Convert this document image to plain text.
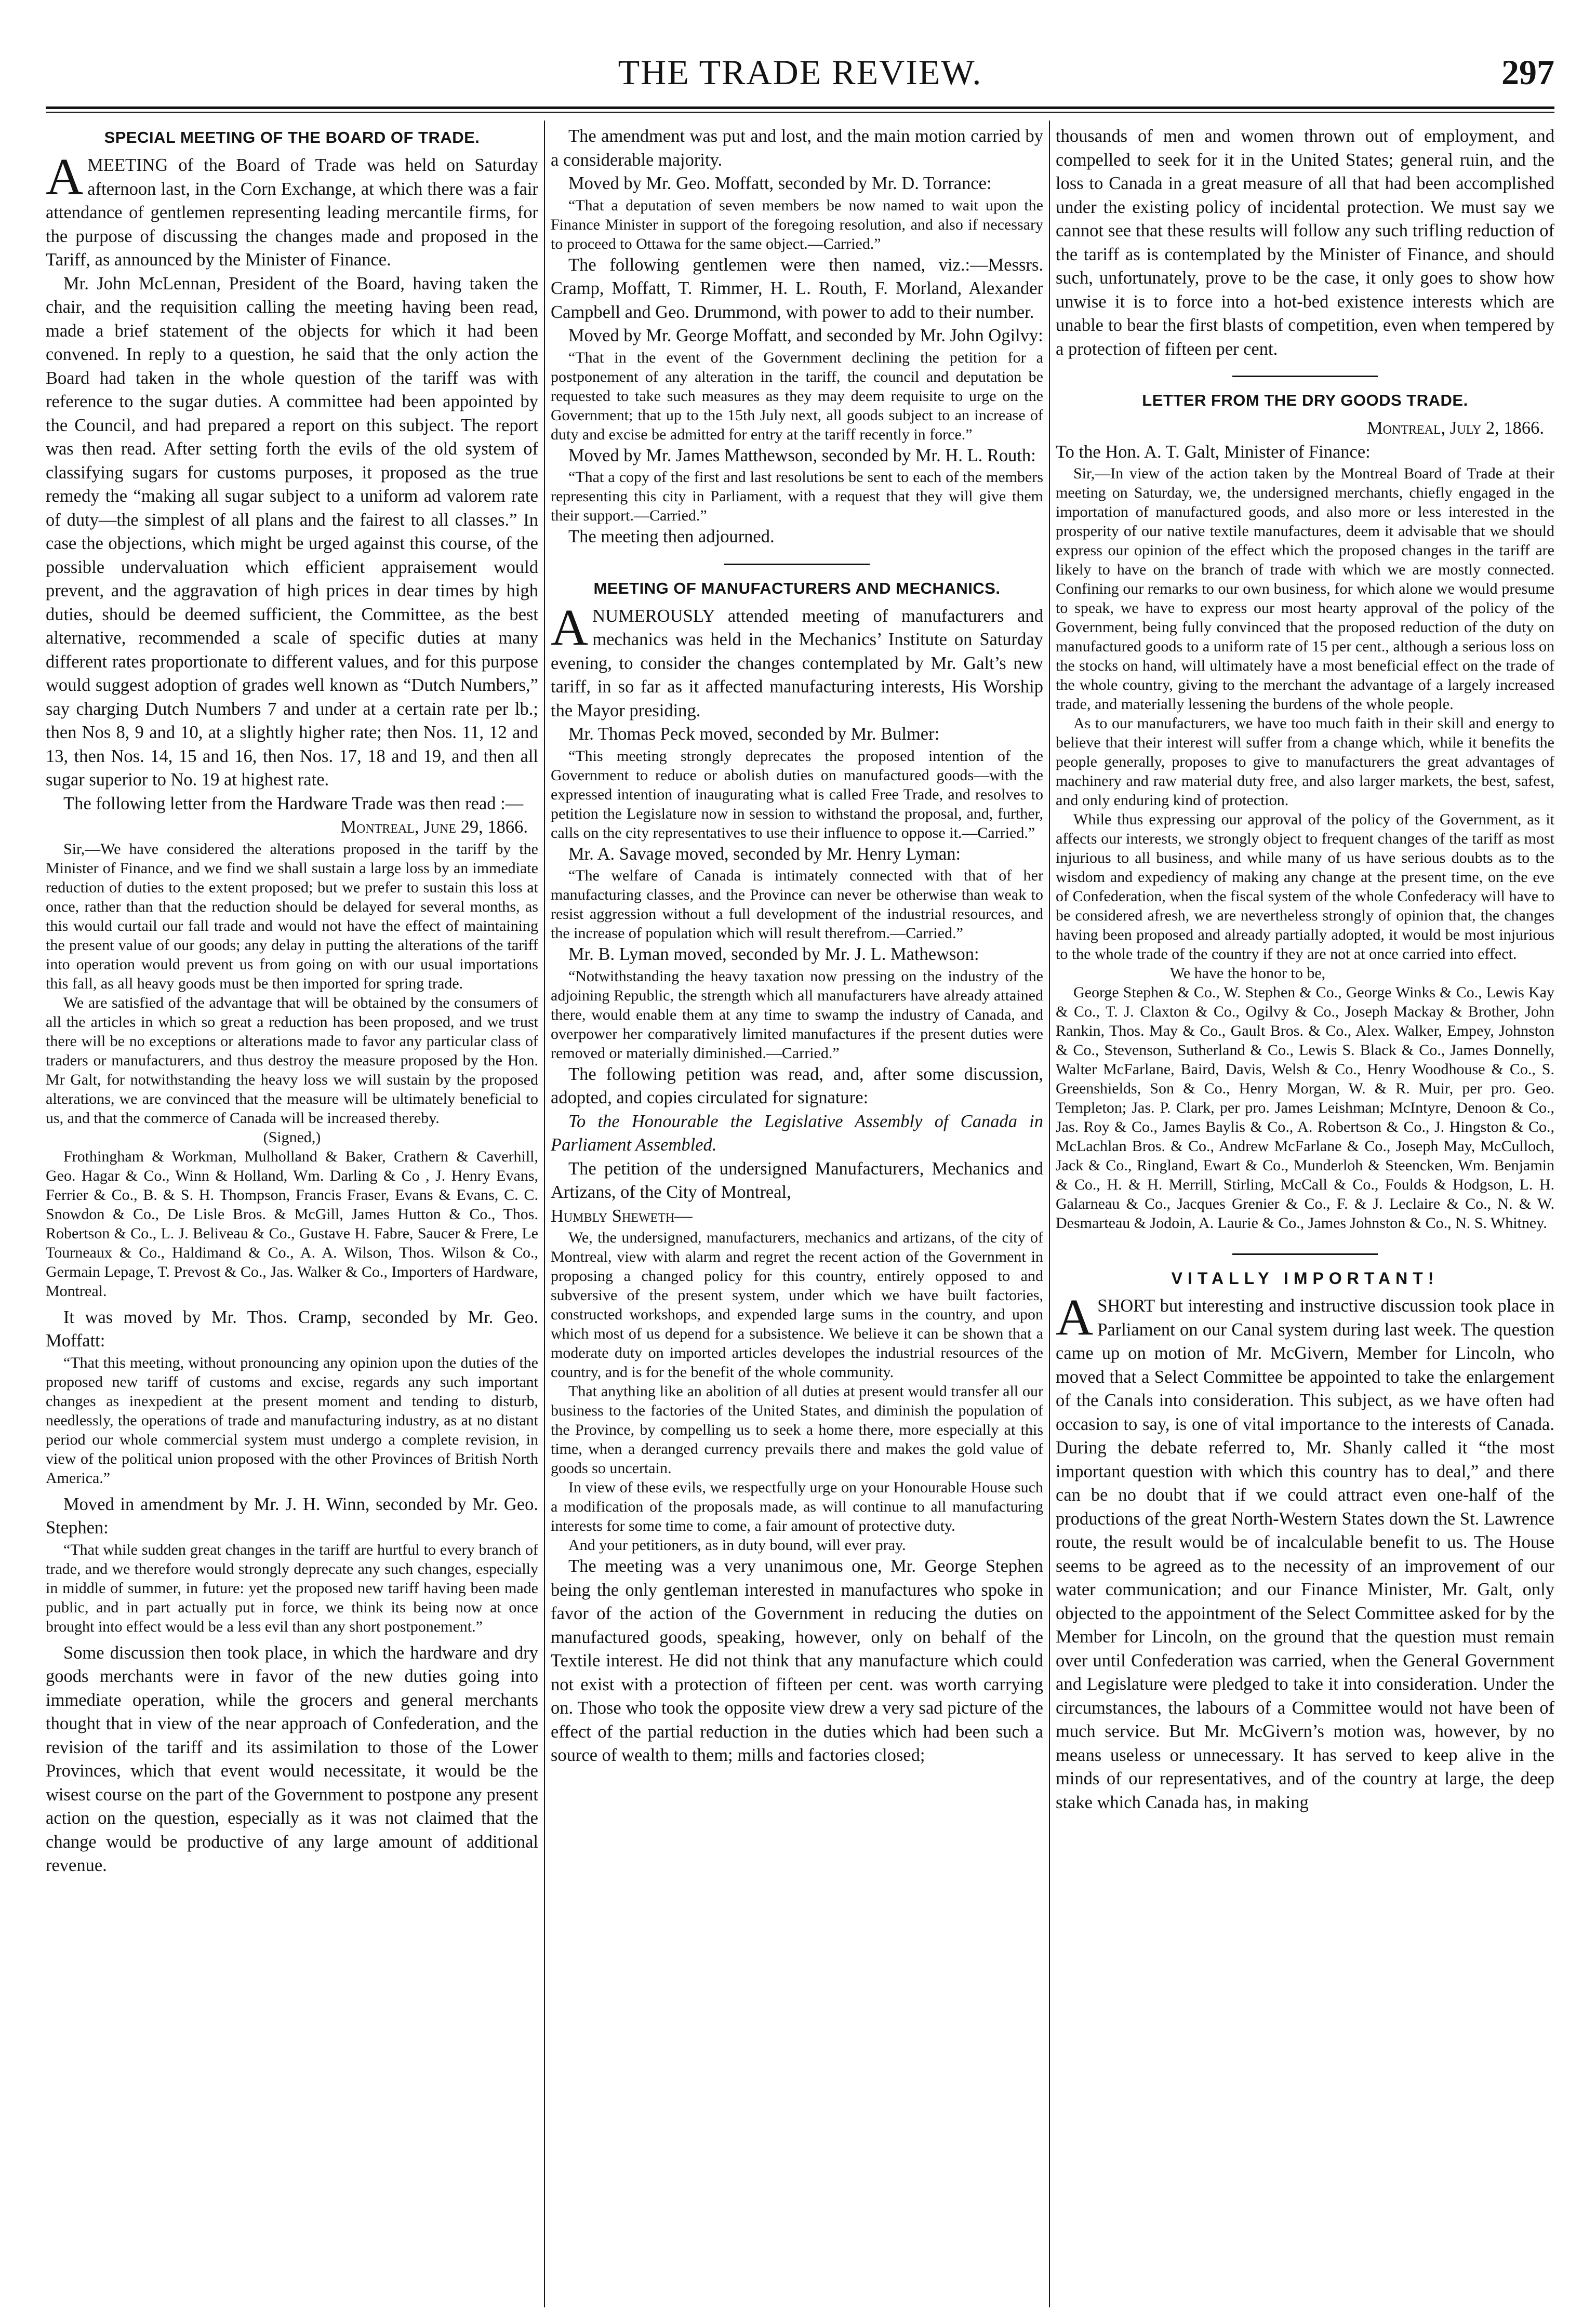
THE TRADE REVIEW.	297
SPECIAL MEETING OF THE BOARD OF TRADE.

AMEETING of the Board of Trade was held on Saturday afternoon last, in the Corn Exchange, at which there was a fair attendance of gentlemen representing leading mercantile firms, for the purpose of discussing the changes made and proposed in the Tariff, as announced by the Minister of Finance.

Mr. John McLennan, President of the Board, having taken the chair, and the requisition calling the meeting having been read, made a brief statement of the objects for which it had been convened. In reply to a question, he said that the only action the Board had taken in the whole question of the tariff was with reference to the sugar duties. A committee had been appointed by the Council, and had prepared a report on this subject. The report was then read. After setting forth the evils of the old system of classifying sugars for customs purposes, it proposed as the true remedy the “making all sugar subject to a uniform ad valorem rate of duty—the simplest of all plans and the fairest to all classes.” In case the objections, which might be urged against this course, of the possible undervaluation which efficient appraisement would prevent, and the aggravation of high prices in dear times by high duties, should be deemed sufficient, the Committee, as the best alternative, recommended a scale of specific duties at many different rates proportionate to different values, and for this purpose would suggest adoption of grades well known as “Dutch Numbers,” say charging Dutch Numbers 7 and under at a certain rate per lb.; then Nos 8, 9 and 10, at a slightly higher rate; then Nos. 11, 12 and 13, then Nos. 14, 15 and 16, then Nos. 17, 18 and 19, and then all sugar superior to No. 19 at highest rate.

The following letter from the Hardware Trade was then read :—

Montreal, June 29, 1866.

Sir,—We have considered the alterations proposed in the tariff by the Minister of Finance, and we find we shall sustain a large loss by an immediate reduction of duties to the extent proposed; but we prefer to sustain this loss at once, rather than that the reduction should be delayed for several months, as this would curtail our fall trade and would not have the effect of maintaining the present value of our goods; any delay in putting the alterations of the tariff into operation would prevent us from going on with our usual importations this fall, as all heavy goods must be then imported for spring trade.

We are satisfied of the advantage that will be obtained by the consumers of all the articles in which so great a reduction has been proposed, and we trust there will be no exceptions or alterations made to favor any particular class of traders or manufacturers, and thus destroy the measure proposed by the Hon. Mr Galt, for notwithstanding the heavy loss we will sustain by the proposed alterations, we are convinced that the measure will be ultimately beneficial to us, and that the commerce of Canada will be increased thereby.

(Signed,)

Frothingham & Workman, Mulholland & Baker, Crathern & Caverhill, Geo. Hagar & Co., Winn & Holland, Wm. Darling & Co , J. Henry Evans, Ferrier & Co., B. & S. H. Thompson, Francis Fraser, Evans & Evans, C. C. Snowdon & Co., De Lisle Bros. & McGill, James Hutton & Co., Thos. Robertson & Co., L. J. Beliveau & Co., Gustave H. Fabre, Saucer & Frere, Le Tourneaux & Co., Haldimand & Co., A. A. Wilson, Thos. Wilson & Co., Germain Lepage, T. Prevost & Co., Jas. Walker & Co., Importers of Hardware, Montreal.

It was moved by Mr. Thos. Cramp, seconded by Mr. Geo. Moffatt:

“That this meeting, without pronouncing any opinion upon the duties of the proposed new tariff of customs and excise, regards any such important changes as inexpedient at the present moment and tending to disturb, needlessly, the operations of trade and manufacturing industry, as at no distant period our whole commercial system must undergo a complete revision, in view of the political union proposed with the other Provinces of British North America.”

Moved in amendment by Mr. J. H. Winn, seconded by Mr. Geo. Stephen:

“That while sudden great changes in the tariff are hurtful to every branch of trade, and we therefore would strongly deprecate any such changes, especially in middle of summer, in future: yet the proposed new tariff having been made public, and in part actually put in force, we think its being now at once brought into effect would be a less evil than any short postponement.”

Some discussion then took place, in which the hardware and dry goods merchants were in favor of the new duties going into immediate operation, while the grocers and general merchants thought that in view of the near approach of Confederation, and the revision of the tariff and its assimilation to those of the Lower Provinces, which that event would necessitate, it would be the wisest course on the part of the Government to postpone any present action on the question, especially as it was not claimed that the change would be productive of any large amount of additional revenue.

The amendment was put and lost, and the main motion carried by a considerable majority.

Moved by Mr. Geo. Moffatt, seconded by Mr. D. Torrance:

“That a deputation of seven members be now named to wait upon the Finance Minister in support of the foregoing resolution, and also if necessary to proceed to Ottawa for the same object.—Carried.”

The following gentlemen were then named, viz.:—Messrs. Cramp, Moffatt, T. Rimmer, H. L. Routh, F. Morland, Alexander Campbell and Geo. Drummond, with power to add to their number.

Moved by Mr. George Moffatt, and seconded by Mr. John Ogilvy:

“That in the event of the Government declining the petition for a postponement of any alteration in the tariff, the council and deputation be requested to take such measures as they may deem requisite to urge on the Government; that up to the 15th July next, all goods subject to an increase of duty and excise be admitted for entry at the tariff recently in force.”

Moved by Mr. James Matthewson, seconded by Mr. H. L. Routh:

“That a copy of the first and last resolutions be sent to each of the members representing this city in Parliament, with a request that they will give them their support.—Carried.”

The meeting then adjourned.

MEETING OF MANUFACTURERS AND MECHANICS.

ANUMEROUSLY attended meeting of manufacturers and mechanics was held in the Mechanics’ Institute on Saturday evening, to consider the changes contemplated by Mr. Galt’s new tariff, in so far as it affected manufacturing interests, His Worship the Mayor presiding.

Mr. Thomas Peck moved, seconded by Mr. Bulmer:

“This meeting strongly deprecates the proposed intention of the Government to reduce or abolish duties on manufactured goods—with the expressed intention of inaugurating what is called Free Trade, and resolves to petition the Legislature now in session to withstand the proposal, and, further, calls on the city representatives to use their influence to oppose it.—Carried.”

Mr. A. Savage moved, seconded by Mr. Henry Lyman:

“The welfare of Canada is intimately connected with that of her manufacturing classes, and the Province can never be otherwise than weak to resist aggression without a full development of the industrial resources, and the increase of population which will result therefrom.—Carried.”

Mr. B. Lyman moved, seconded by Mr. J. L. Mathewson:

“Notwithstanding the heavy taxation now pressing on the industry of the adjoining Republic, the strength which all manufacturers have already attained there, would enable them at any time to swamp the industry of Canada, and overpower her comparatively limited manufactures if the present duties were removed or materially diminished.—Carried.”

The following petition was read, and, after some discussion, adopted, and copies circulated for signature:

To the Honourable the Legislative Assembly of Canada in Parliament Assembled.

The petition of the undersigned Manufacturers, Mechanics and Artizans, of the City of Montreal,

Humbly Sheweth—

We, the undersigned, manufacturers, mechanics and artizans, of the city of Montreal, view with alarm and regret the recent action of the Government in proposing a changed policy for this country, entirely opposed to and subversive of the present system, under which we have built factories, constructed workshops, and expended large sums in the country, and upon which most of us depend for a subsistence. We believe it can be shown that a moderate duty on imported articles developes the industrial resources of the country, and is for the benefit of the whole community.

That anything like an abolition of all duties at present would transfer all our business to the factories of the United States, and diminish the population of the Province, by compelling us to seek a home there, more especially at this time, when a deranged currency prevails there and makes the gold value of goods so uncertain.

In view of these evils, we respectfully urge on your Honourable House such a modification of the proposals made, as will continue to all manufacturing interests for some time to come, a fair amount of protective duty.

And your petitioners, as in duty bound, will ever pray.

The meeting was a very unanimous one, Mr. George Stephen being the only gentleman interested in manufactures who spoke in favor of the action of the Government in reducing the duties on manufactured goods, speaking, however, only on behalf of the Textile interest. He did not think that any manufacture which could not exist with a protection of fifteen per cent. was worth carrying on. Those who took the opposite view drew a very sad picture of the effect of the partial reduction in the duties which had been such a source of wealth to them; mills and factories closed;

thousands of men and women thrown out of employment, and compelled to seek for it in the United States; general ruin, and the loss to Canada in a great measure of all that had been accomplished under the existing policy of incidental protection. We must say we cannot see that these results will follow any such trifling reduction of the tariff as is contemplated by the Minister of Finance, and should such, unfortunately, prove to be the case, it only goes to show how unwise it is to force into a hot-bed existence interests which are unable to bear the first blasts of competition, even when tempered by a protection of fifteen per cent.

LETTER FROM THE DRY GOODS TRADE.

Montreal, July 2, 1866.

To the Hon. A. T. Galt, Minister of Finance:

Sir,—In view of the action taken by the Montreal Board of Trade at their meeting on Saturday, we, the undersigned merchants, chiefly engaged in the importation of manufactured goods, and also more or less interested in the prosperity of our native textile manufactures, deem it advisable that we should express our opinion of the effect which the proposed changes in the tariff are likely to have on the branch of trade with which we are mostly connected. Confining our remarks to our own business, for which alone we would presume to speak, we have to express our most hearty approval of the policy of the Government, being fully convinced that the proposed reduction of the duty on manufactured goods to a uniform rate of 15 per cent., although a serious loss on the stocks on hand, will ultimately have a most beneficial effect on the trade of the whole country, giving to the merchant the advantage of a largely increased trade, and materially lessening the burdens of the whole people.

As to our manufacturers, we have too much faith in their skill and energy to believe that their interest will suffer from a change which, while it benefits the people generally, proposes to give to manufacturers the great advantages of machinery and raw material duty free, and also larger markets, the best, safest, and only enduring kind of protection.

While thus expressing our approval of the policy of the Government, as it affects our interests, we strongly object to frequent changes of the tariff as most injurious to all business, and while many of us have serious doubts as to the wisdom and expediency of making any change at the present time, on the eve of Confederation, when the fiscal system of the whole Confederacy will have to be considered afresh, we are nevertheless strongly of opinion that, the changes having been proposed and already partially adopted, it would be most injurious to the whole trade of the country if they are not at once carried into effect.

We have the honor to be,

George Stephen & Co., W. Stephen & Co., George Winks & Co., Lewis Kay & Co., T. J. Claxton & Co., Ogilvy & Co., Joseph Mackay & Brother, John Rankin, Thos. May & Co., Gault Bros. & Co., Alex. Walker, Empey, Johnston & Co., Stevenson, Sutherland & Co., Lewis S. Black & Co., James Donnelly, Walter McFarlane, Baird, Davis, Welsh & Co., Henry Woodhouse & Co., S. Greenshields, Son & Co., Henry Morgan, W. & R. Muir, per pro. Geo. Templeton; Jas. P. Clark, per pro. James Leishman; McIntyre, Denoon & Co., Jas. Roy & Co., James Baylis & Co., A. Robertson & Co., J. Hingston & Co., McLachlan Bros. & Co., Andrew McFarlane & Co., Joseph May, McCulloch, Jack & Co., Ringland, Ewart & Co., Munderloh & Steencken, Wm. Benjamin & Co., H. & H. Merrill, Stirling, McCall & Co., Foulds & Hodgson, L. H. Galarneau & Co., Jacques Grenier & Co., F. & J. Leclaire & Co., N. & W. Desmarteau & Jodoin, A. Laurie & Co., James Johnston & Co., N. S. Whitney.

VITALLY IMPORTANT!

ASHORT but interesting and instructive discussion took place in Parliament on our Canal system during last week. The question came up on motion of Mr. McGivern, Member for Lincoln, who moved that a Select Committee be appointed to take the enlargement of the Canals into consideration. This subject, as we have often had occasion to say, is one of vital importance to the interests of Canada. During the debate referred to, Mr. Shanly called it “the most important question with which this country has to deal,” and there can be no doubt that if we could attract even one-half of the productions of the great North-Western States down the St. Lawrence route, the result would be of incalculable benefit to us. The House seems to be agreed as to the necessity of an improvement of our water communication; and our Finance Minister, Mr. Galt, only objected to the appointment of the Select Committee asked for by the Member for Lincoln, on the ground that the question must remain over until Confederation was carried, when the General Government and Legislature were pledged to take it into consideration. Under the circumstances, the labours of a Committee would not have been of much service. But Mr. McGivern’s motion was, however, by no means useless or unnecessary. It has served to keep alive in the minds of our representatives, and of the country at large, the deep stake which Canada has, in making
